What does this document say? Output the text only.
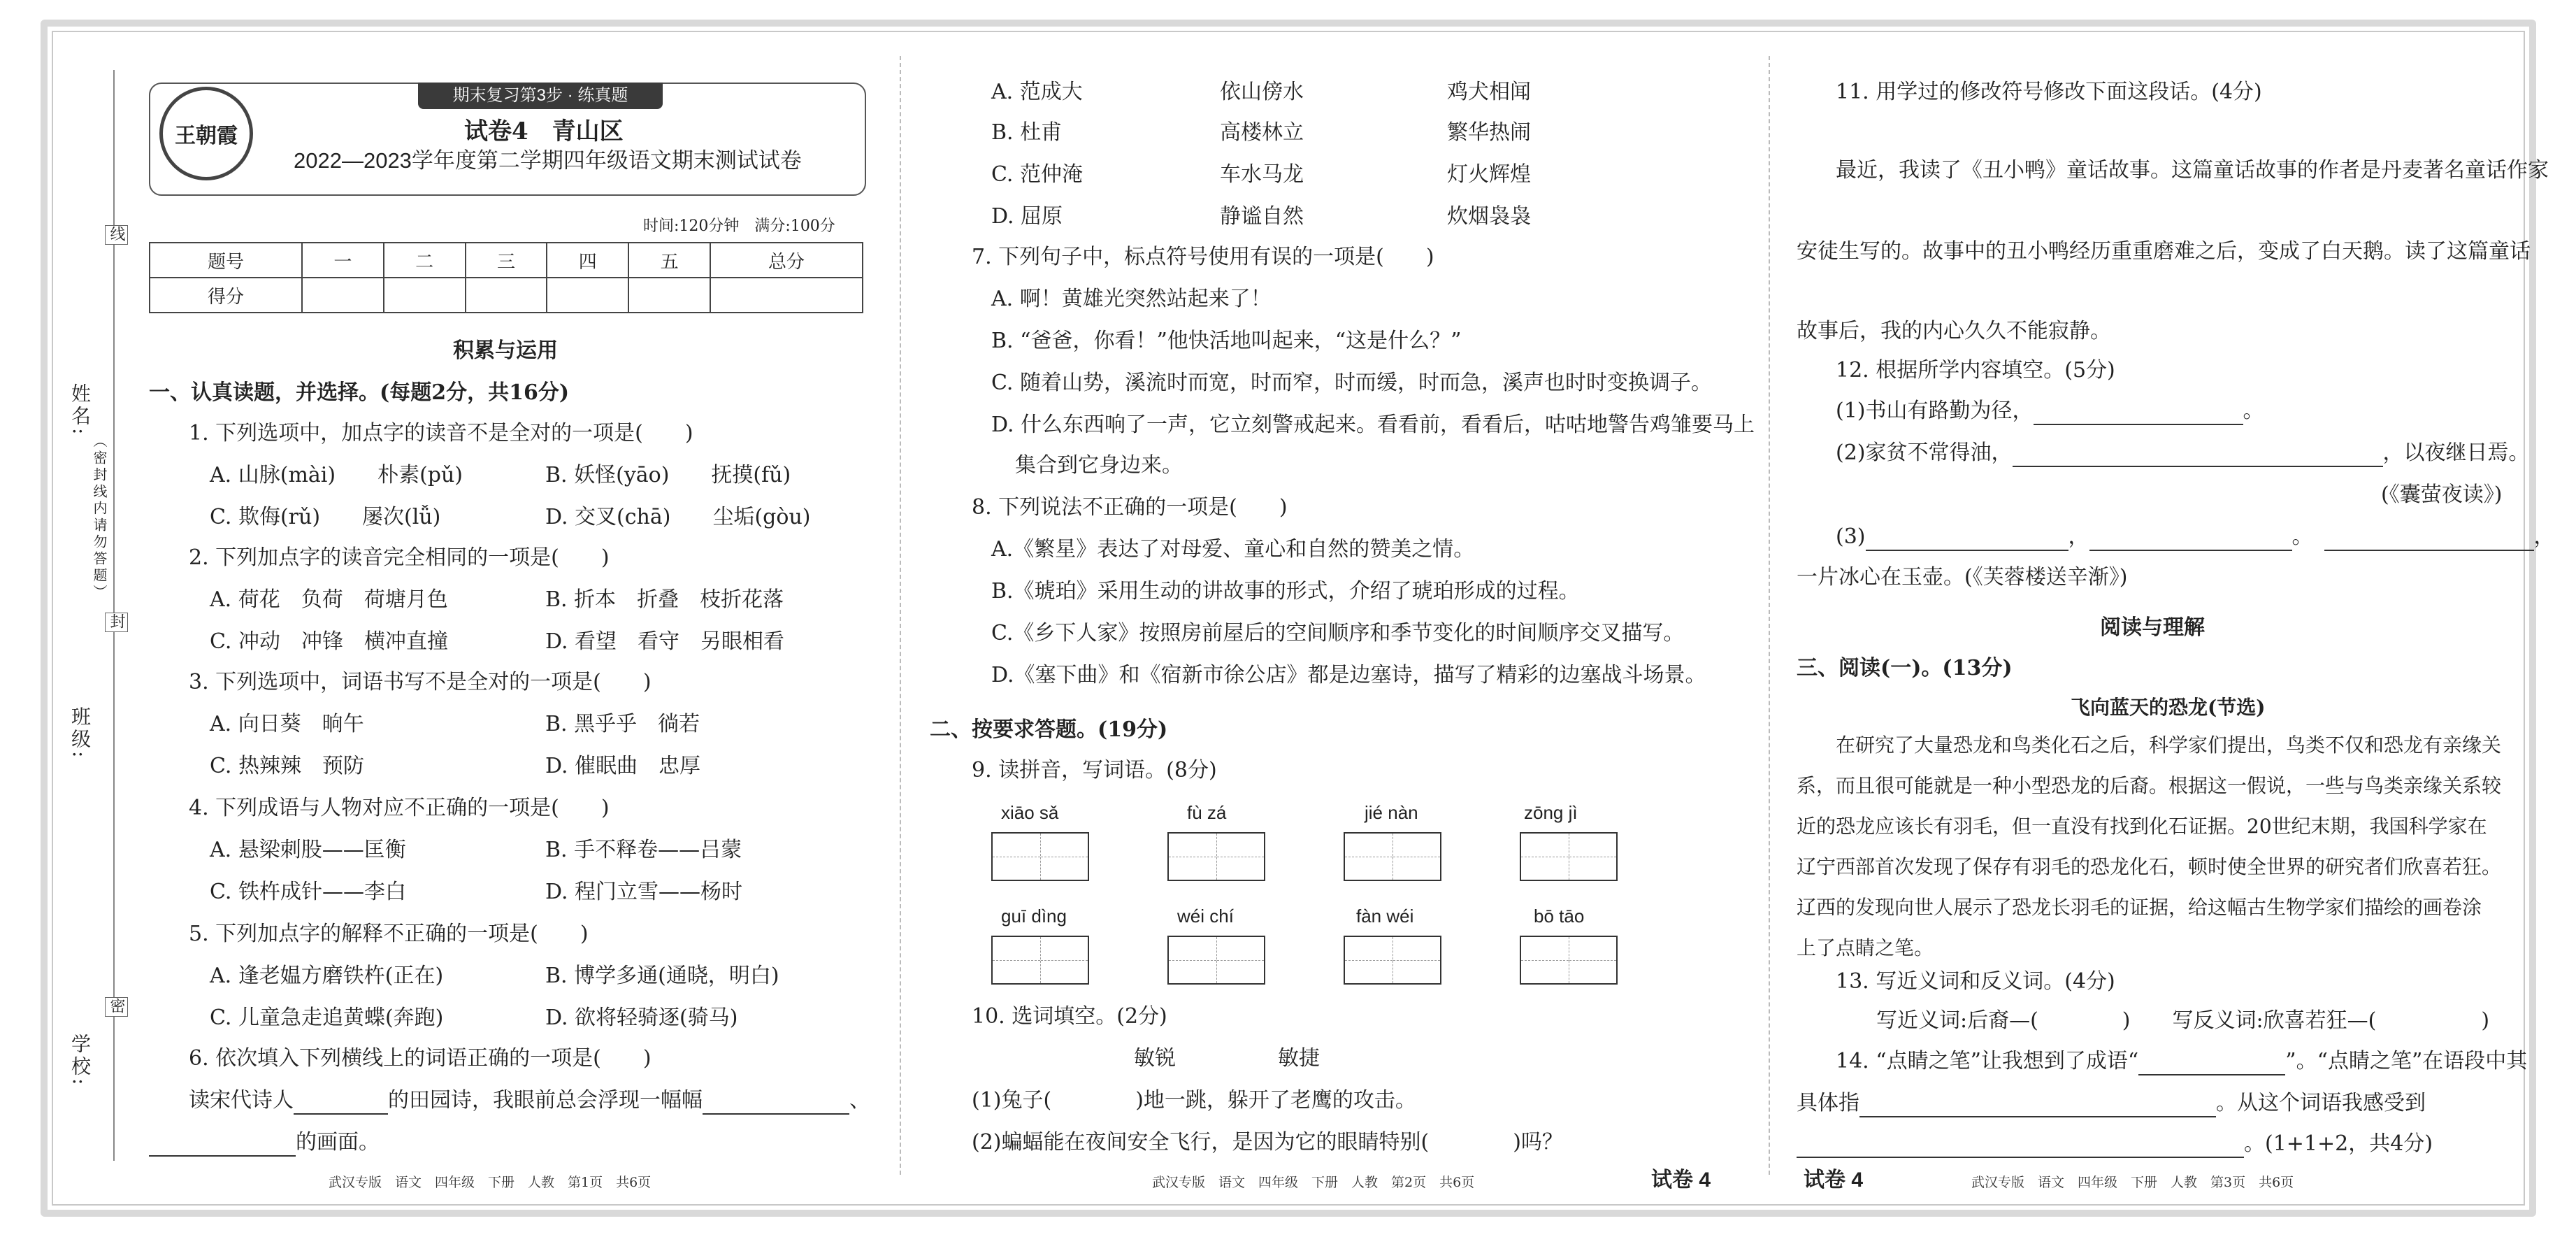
线
封
密
姓名:
（密封线内请勿答题）
班级:
学校:
期末复习第3步 · 练真题
王朝霞	试卷4　青山区
2022—2023学年度第二学期四年级语文期末测试试卷
时间:120分钟　满分:100分
题号	一	二	三	四	五	总分
得分						
积累与运用
一、认真读题，并选择。(每题2分，共16分)
1. 下列选项中，加点字的读音不是全对的一项是(　　)
A. 山脉(mài)　　朴素(pǔ)	B. 妖怪(yāo)　　抚摸(fǔ)
C. 欺侮(rǔ)　　屡次(lǚ)	D. 交叉(chā)　　尘垢(gòu)
2. 下列加点字的读音完全相同的一项是(　　)
A. 荷花　负荷　荷塘月色	B. 折本　折叠　枝折花落
C. 冲动　冲锋　横冲直撞	D. 看望　看守　另眼相看
3. 下列选项中，词语书写不是全对的一项是(　　)
A. 向日葵　晌午	B. 黑乎乎　徜若
C. 热辣辣　预防	D. 催眠曲　忠厚
4. 下列成语与人物对应不正确的一项是(　　)
A. 悬梁刺股——匡衡	B. 手不释卷——吕蒙
C. 铁杵成针——李白	D. 程门立雪——杨时
5. 下列加点字的解释不正确的一项是(　　)
A. 逢老媪方磨铁杵(正在)	B. 博学多通(通晓，明白)
C. 儿童急走追黄蝶(奔跑)	D. 欲将轻骑逐(骑马)
6. 依次填入下列横线上的词语正确的一项是(　　)
读宋代诗人	的田园诗，我眼前总会浮现一幅幅	、
的画面。
武汉专版　语文　四年级　下册　人教　第1页　共6页
A. 范成大	依山傍水	鸡犬相闻
B. 杜甫	高楼林立	繁华热闹
C. 范仲淹	车水马龙	灯火辉煌
D. 屈原	静谧自然	炊烟袅袅
7. 下列句子中，标点符号使用有误的一项是(　　)
A. 啊！黄雄光突然站起来了！
B. “爸爸，你看！”他快活地叫起来，“这是什么？”
C. 随着山势，溪流时而宽，时而窄，时而缓，时而急，溪声也时时变换调子。
D. 什么东西响了一声，它立刻警戒起来。看看前，看看后，咕咕地警告鸡雏要马上
集合到它身边来。
8. 下列说法不正确的一项是(　　)
A.《繁星》表达了对母爱、童心和自然的赞美之情。
B.《琥珀》采用生动的讲故事的形式，介绍了琥珀形成的过程。
C.《乡下人家》按照房前屋后的空间顺序和季节变化的时间顺序交叉描写。
D.《塞下曲》和《宿新市徐公店》都是边塞诗，描写了精彩的边塞战斗场景。
二、按要求答题。(19分)
9. 读拼音，写词语。(8分)
xiāo sǎ	fù zá	jié nàn	zōng jì
guī dìng	wéi chí	fàn wéi	bō tāo
10. 选词填空。(2分)
敏锐	敏捷
(1)兔子(　　　　)地一跳，躲开了老鹰的攻击。
(2)蝙蝠能在夜间安全飞行，是因为它的眼睛特别(　　　　)吗？
武汉专版　语文　四年级　下册　人教　第2页　共6页	试卷 4
11. 用学过的修改符号修改下面这段话。(4分)
最近，我读了《丑小鸭》童话故事。这篇童话故事的作者是丹麦著名童话作家
安徒生写的。故事中的丑小鸭经历重重磨难之后，变成了白天鹅。读了这篇童话
故事后，我的内心久久不能寂静。
12. 根据所学内容填空。(5分)
(1)书山有路勤为径，	。
(2)家贫不常得油，	，以夜继日焉。
(《囊萤夜读》)
(3)	，	。	，
一片冰心在玉壶。(《芙蓉楼送辛渐》)
阅读与理解
三、阅读(一)。(13分)
飞向蓝天的恐龙(节选)
　　在研究了大量恐龙和鸟类化石之后，科学家们提出，鸟类不仅和恐龙有亲缘关
系，而且很可能就是一种小型恐龙的后裔。根据这一假说，一些与鸟类亲缘关系较
近的恐龙应该长有羽毛，但一直没有找到化石证据。20世纪末期，我国科学家在
辽宁西部首次发现了保存有羽毛的恐龙化石，顿时使全世界的研究者们欣喜若狂。
辽西的发现向世人展示了恐龙长羽毛的证据，给这幅古生物学家们描绘的画卷涂
上了点睛之笔。
13. 写近义词和反义词。(4分)
写近义词:后裔—(　　　　)　　写反义词:欣喜若狂—(　　　　　)
14. “点睛之笔”让我想到了成语“	”。“点睛之笔”在语段中其
具体指	。从这个词语我感受到
。(1+1+2，共4分)
试卷 4	武汉专版　语文　四年级　下册　人教　第3页　共6页
